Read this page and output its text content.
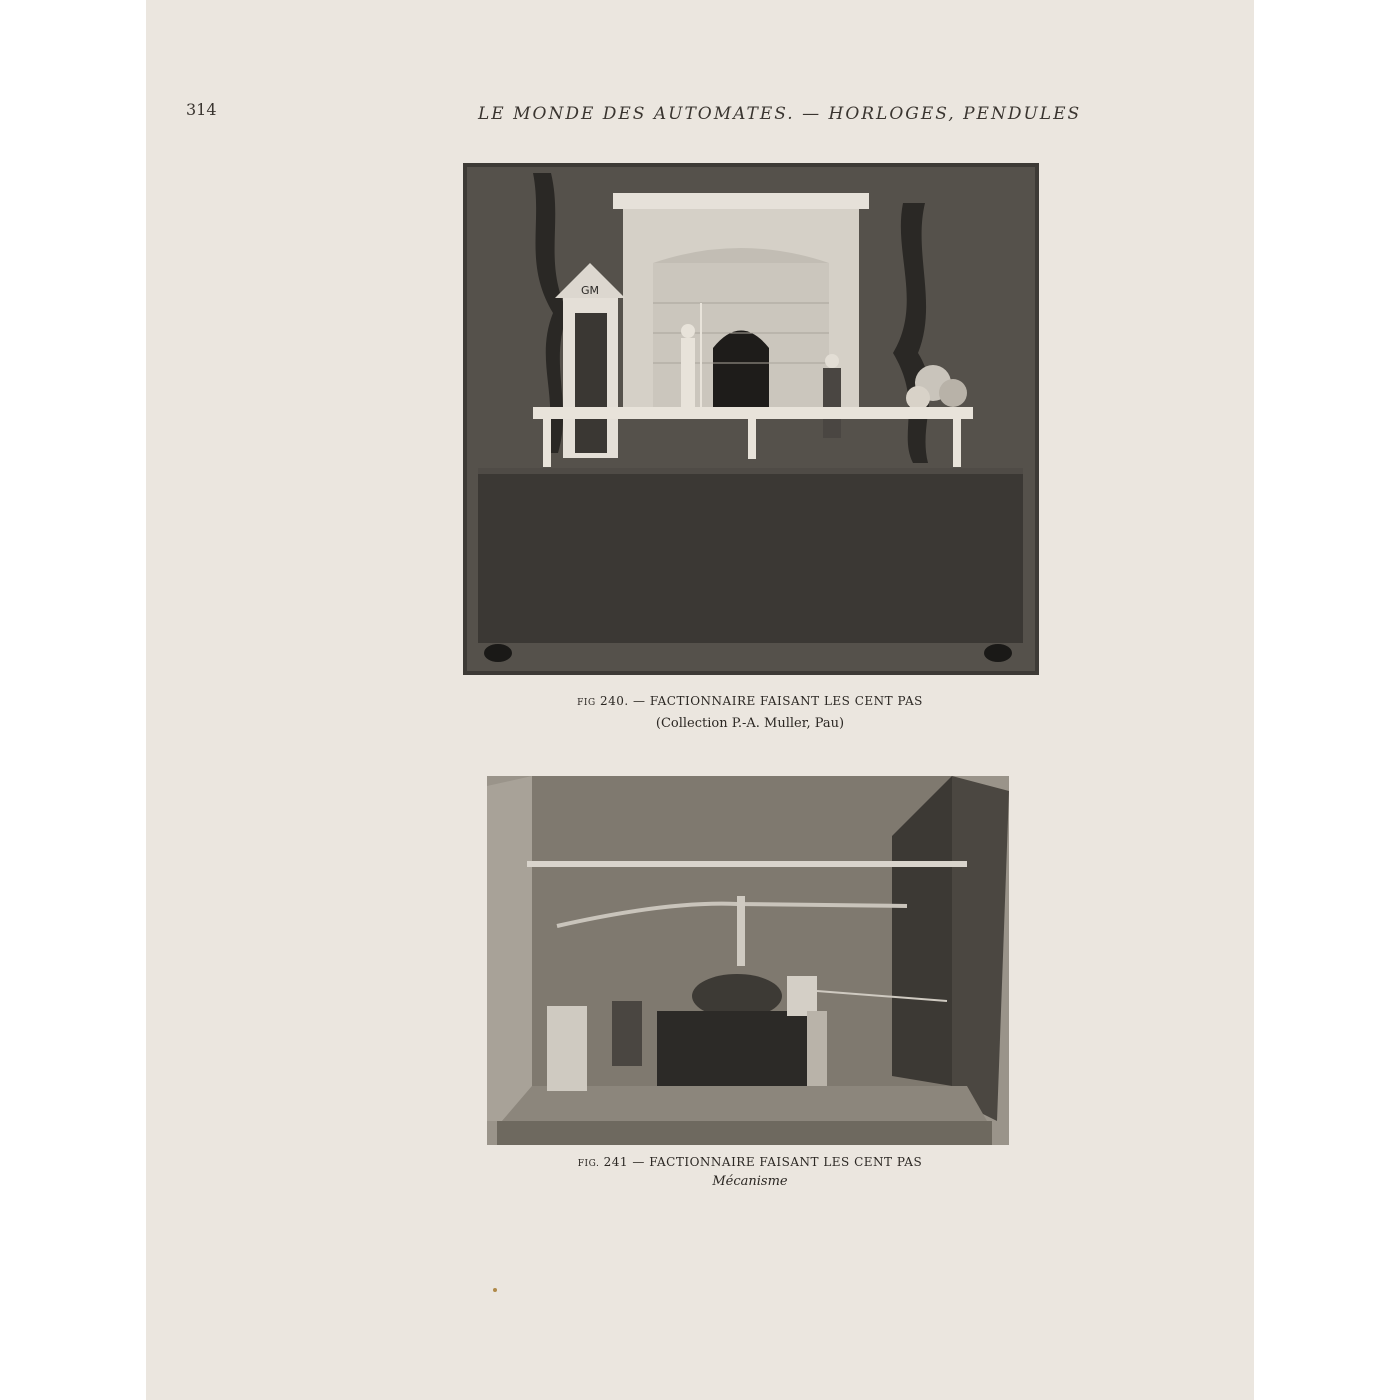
314	LE MONDE DES AUTOMATES. — HORLOGES, PENDULES
GM
FIG 240. — FACTIONNAIRE FAISANT LES CENT PAS
(Collection P.-A. Muller, Pau)
FIG. 241 — FACTIONNAIRE FAISANT LES CENT PAS
Mécanisme
